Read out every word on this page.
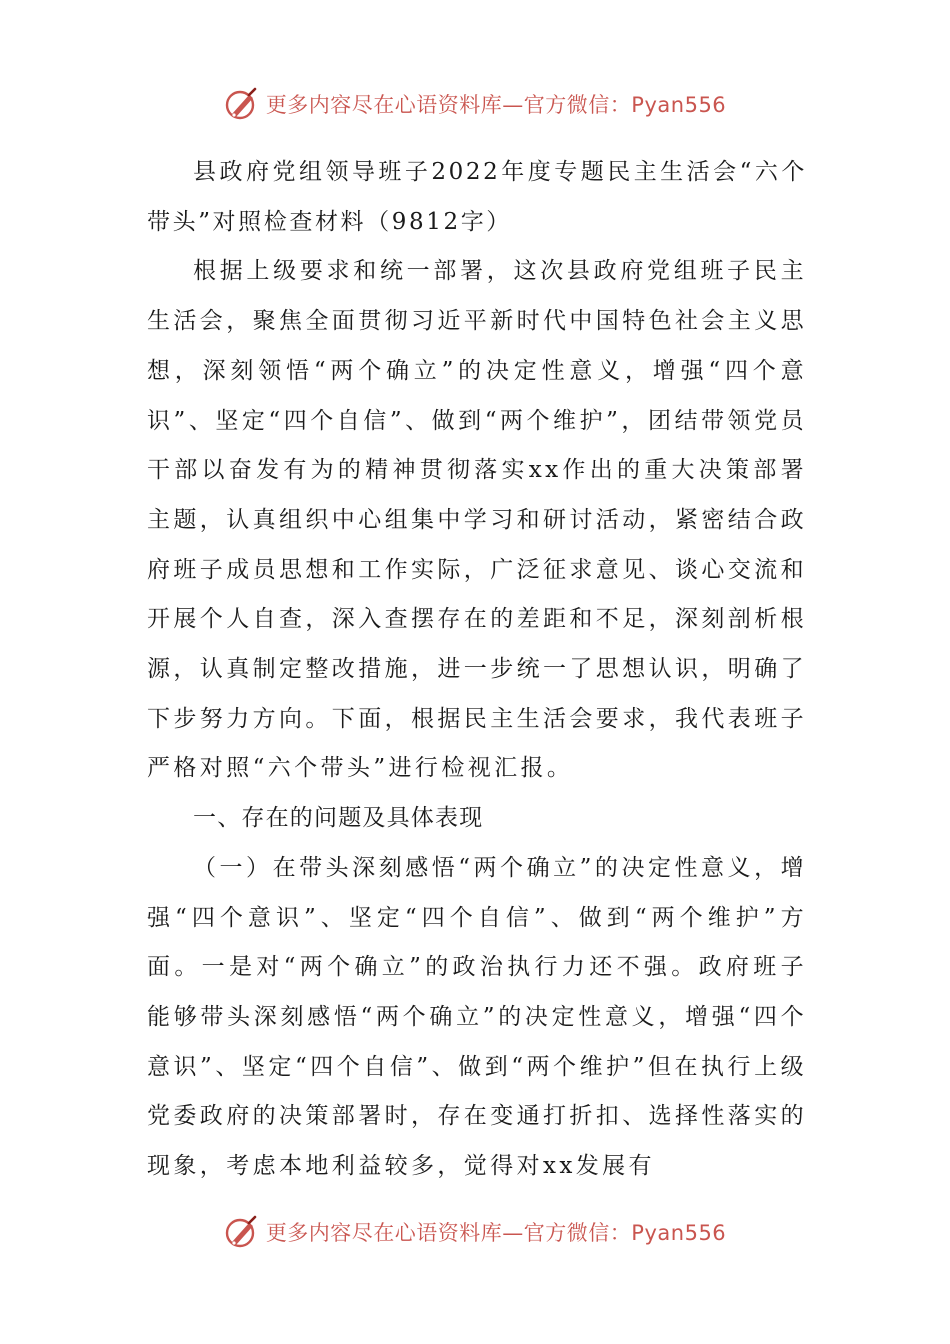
更多内容尽在心语资料库—官方微信：Pyan556

县政府党组领导班子2022年度专题民主生活会“六个带头”对照检查材料（9812字）

根据上级要求和统一部署，这次县政府党组班子民主生活会，聚焦全面贯彻习近平新时代中国特色社会主义思想，深刻领悟“两个确立”的决定性意义，增强“四个意识”、坚定“四个自信”、做到“两个维护”，团结带领党员干部以奋发有为的精神贯彻落实xx作出的重大决策部署主题，认真组织中心组集中学习和研讨活动，紧密结合政府班子成员思想和工作实际，广泛征求意见、谈心交流和开展个人自查，深入查摆存在的差距和不足，深刻剖析根源，认真制定整改措施，进一步统一了思想认识，明确了下步努力方向。下面，根据民主生活会要求，我代表班子严格对照“六个带头”进行检视汇报。

一、存在的问题及具体表现

（一）在带头深刻感悟“两个确立”的决定性意义，增强“四个意识”、坚定“四个自信”、做到“两个维护”方面。一是对“两个确立”的政治执行力还不强。政府班子能够带头深刻感悟“两个确立”的决定性意义，增强“四个意识”、坚定“四个自信”、做到“两个维护”但在执行上级党委政府的决策部署时，存在变通打折扣、选择性落实的现象，考虑本地利益较多，觉得对xx发展有

更多内容尽在心语资料库—官方微信：Pyan556
